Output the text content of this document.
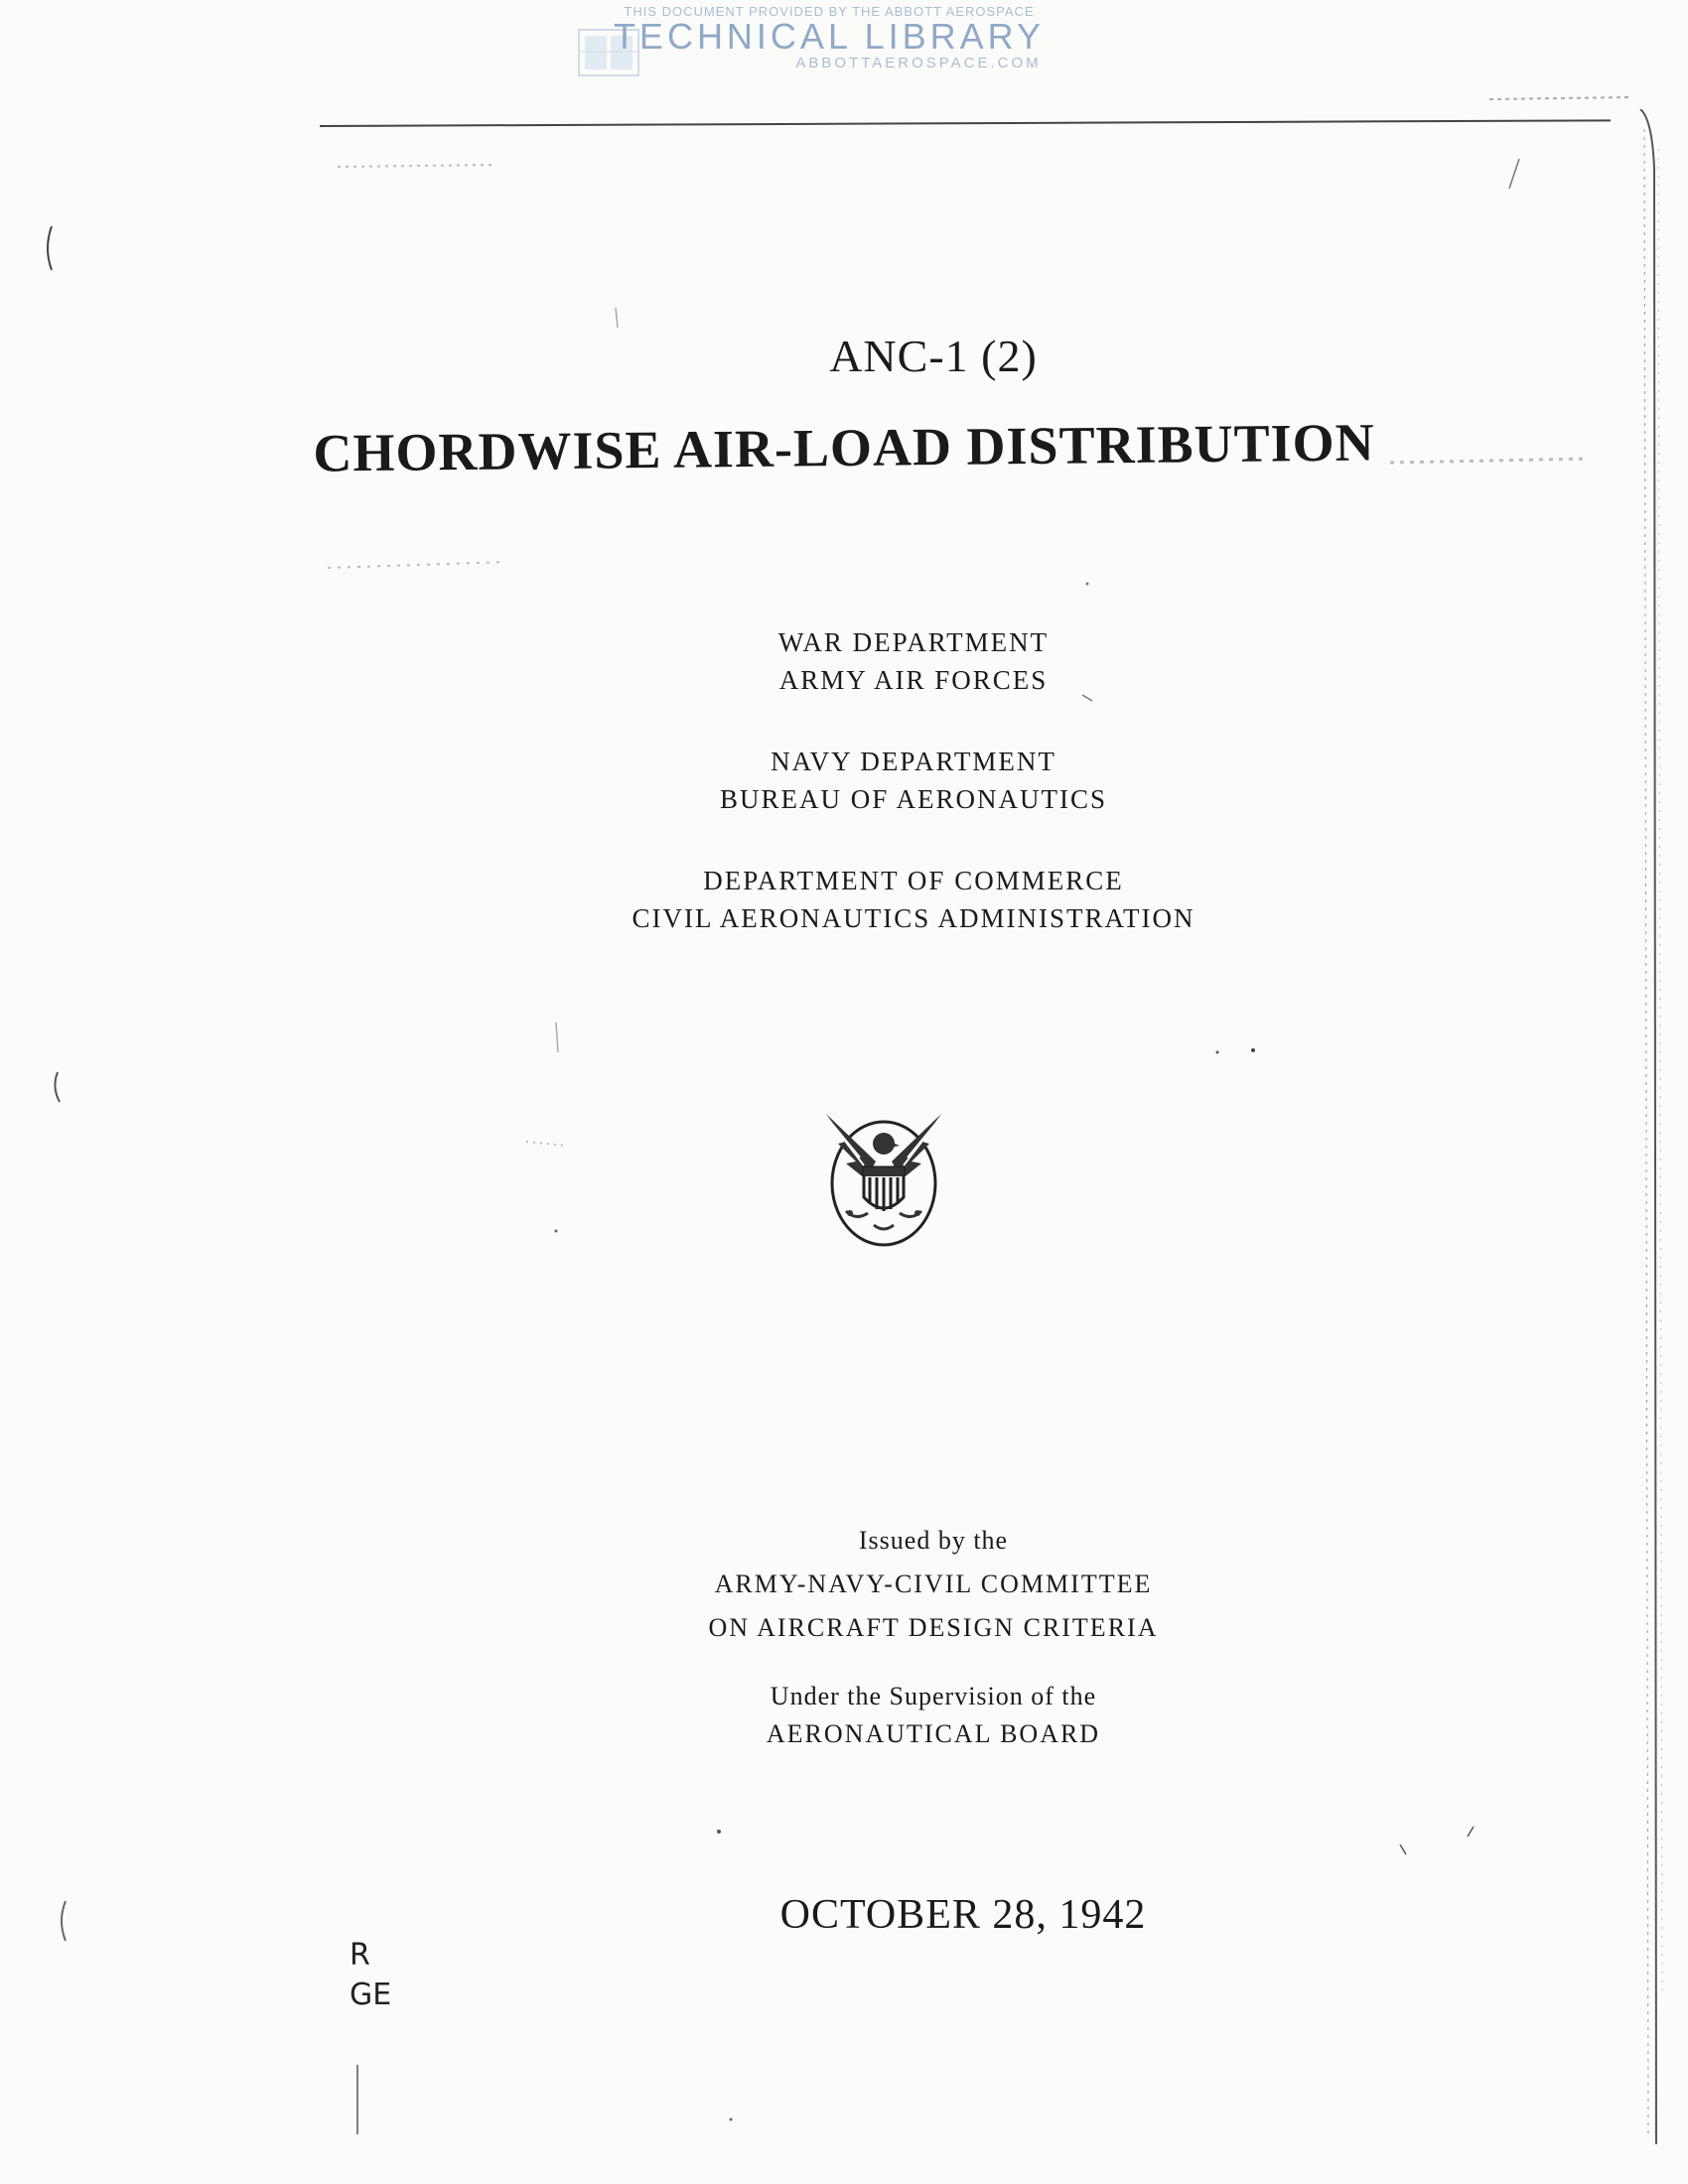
THIS DOCUMENT PROVIDED BY THE ABBOTT AEROSPACE
TECHNICAL LIBRARY
ABBOTTAEROSPACE.COM
ANC-1 (2)
CHORDWISE AIR-LOAD DISTRIBUTION
WAR DEPARTMENT
ARMY AIR FORCES
NAVY DEPARTMENT
BUREAU OF AERONAUTICS
DEPARTMENT OF COMMERCE
CIVIL AERONAUTICS ADMINISTRATION
Issued by the
ARMY-NAVY-CIVIL COMMITTEE
ON AIRCRAFT DESIGN CRITERIA
Under the Supervision of the
AERONAUTICAL BOARD
OCTOBER 28, 1942
R
GE
